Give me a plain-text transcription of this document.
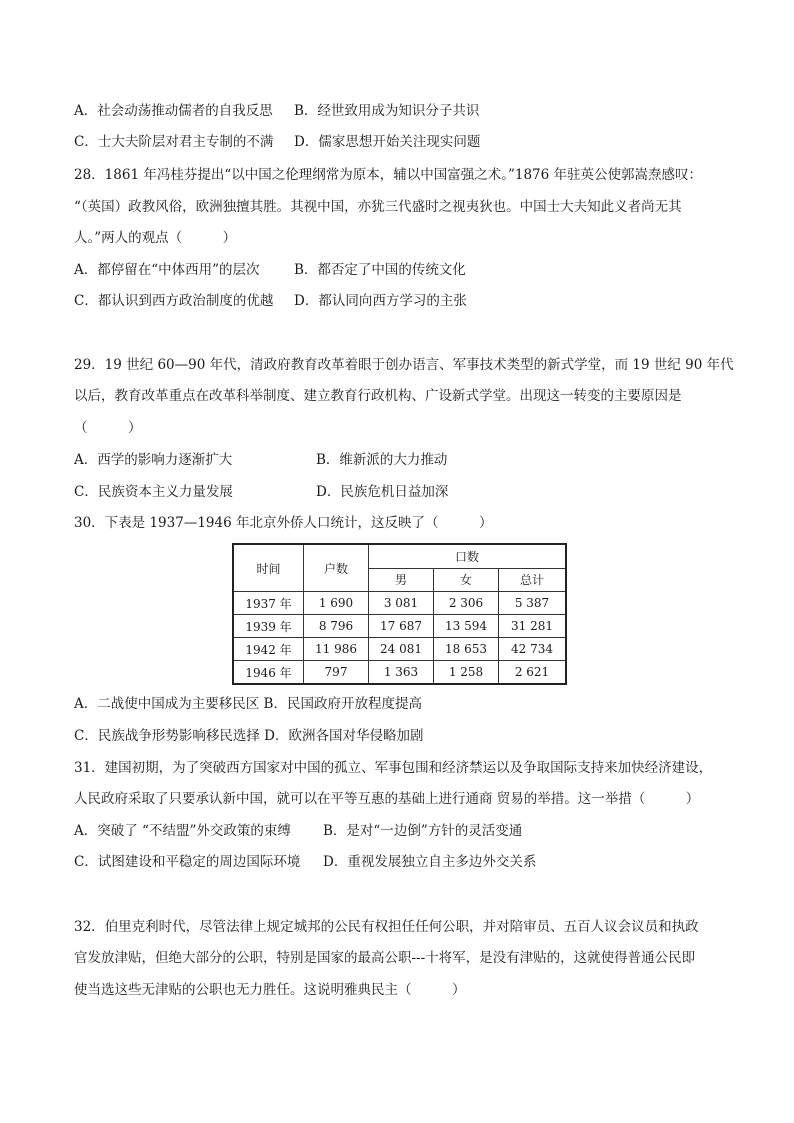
A．社会动荡推动儒者的自我反思 B．经世致用成为知识分子共识
C．士大夫阶层对君主专制的不满 D．儒家思想开始关注现实问题
28．1861 年冯桂芬提出“以中国之伦理纲常为原本，辅以中国富强之术。”1876 年驻英公使郭嵩焘感叹：
“（英国）政教风俗，欧洲独擅其胜。其视中国，亦犹三代盛时之视夷狄也。中国士大夫知此义者尚无其
人。”两人的观点（　　　）
A．都停留在“中体西用”的层次	B．都否定了中国的传统文化
C．都认识到西方政治制度的优越 D．都认同向西方学习的主张
29．19 世纪 60—90 年代，清政府教育改革着眼于创办语言、军事技术类型的新式学堂，而 19 世纪 90 年代
以后，教育改革重点在改革科举制度、建立教育行政机构、广设新式学堂。出现这一转变的主要原因是
（　　　）
A．西学的影响力逐渐扩大	B．维新派的大力推动
C．民族资本主义力量发展	D．民族危机日益加深
30．下表是 1937—1946 年北京外侨人口统计，这反映了（　　　）
时间	户数	口数		
		男	女	总计
1937 年	1 690	3 081	2 306	5 387
1939 年	8 796	17 687	13 594	31 281
1942 年	11 986	24 081	18 653	42 734
1946 年	797	1 363	1 258	2 621
A．二战使中国成为主要移民区 B．民国政府开放程度提高
C．民族战争形势影响移民选择 D．欧洲各国对华侵略加剧
31．建国初期，为了突破西方国家对中国的孤立、军事包围和经济禁运以及争取国际支持来加快经济建设，
人民政府采取了只要承认新中国，就可以在平等互惠的基础上进行通商 贸易的举措。这一举措（　　　）
A．突破了 “不结盟”外交政策的束缚 B．是对“一边倒”方针的灵活变通
C．试图建设和平稳定的周边国际环境 D．重视发展独立自主多边外交关系
32．伯里克利时代，尽管法律上规定城邦的公民有权担任任何公职，并对陪审员、五百人议会议员和执政
官发放津贴，但绝大部分的公职，特别是国家的最高公职---十将军，是没有津贴的，这就使得普通公民即
使当选这些无津贴的公职也无力胜任。这说明雅典民主（　　　）
